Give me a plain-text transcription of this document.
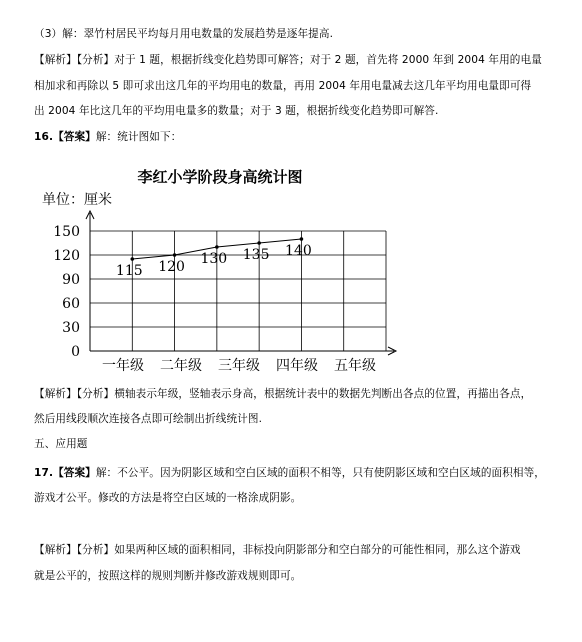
（3）解：翠竹村居民平均每月用电数量的发展趋势是逐年提高.
【解析】【分析】对于 1 题，根据折线变化趋势即可解答；对于 2 题，首先将 2000 年到 2004 年用的电量
相加求和再除以 5 即可求出这几年的平均用电的数量，再用 2004 年用电量减去这几年平均用电量即可得
出 2004 年比这几年的平均用电量多的数量；对于 3 题，根据折线变化趋势即可解答.
16.【答案】解：统计图如下：
李红小学阶段身高统计图
单位：厘米
0
30
60
90
120
150
一年级 二年级 三年级 四年级 五年级
115 120 130 135 140
【解析】【分析】横轴表示年级，竖轴表示身高，根据统计表中的数据先判断出各点的位置，再描出各点，
然后用线段顺次连接各点即可绘制出折线统计图.
五、应用题
17.【答案】解：不公平。因为阴影区域和空白区域的面积不相等，只有使阴影区域和空白区域的面积相等，
游戏才公平。修改的方法是将空白区域的一格涂成阴影。
【解析】【分析】如果两种区域的面积相同，非标投向阴影部分和空白部分的可能性相同，那么这个游戏
就是公平的，按照这样的规则判断并修改游戏规则即可。
